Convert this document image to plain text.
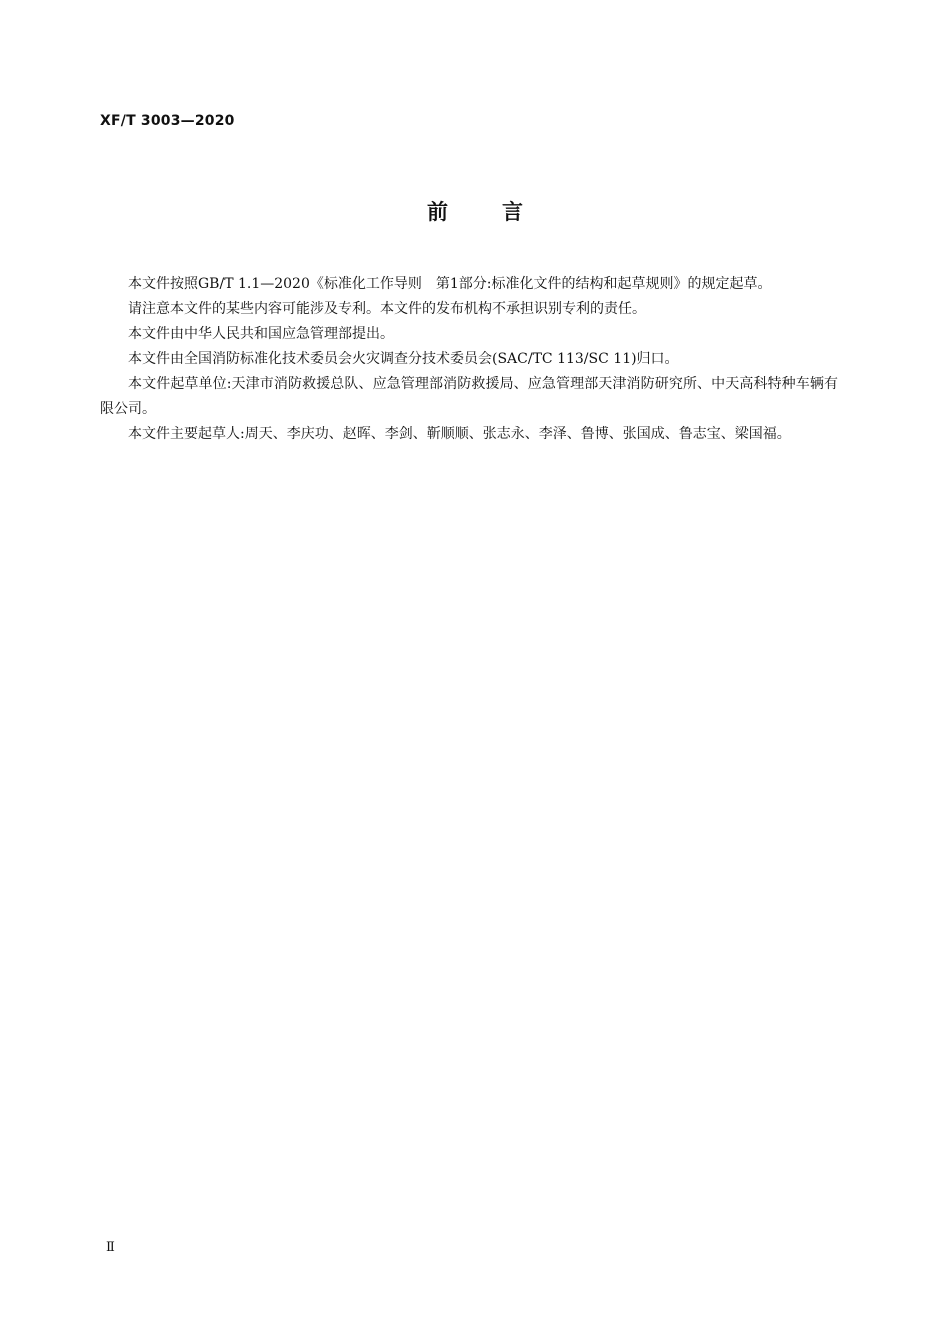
XF/T 3003—2020
前言

本文件按照GB/T 1.1—2020《标准化工作导则　第1部分:标准化文件的结构和起草规则》的规定起草。

请注意本文件的某些内容可能涉及专利。本文件的发布机构不承担识别专利的责任。

本文件由中华人民共和国应急管理部提出。

本文件由全国消防标准化技术委员会火灾调查分技术委员会(SAC/TC 113/SC 11)归口。

本文件起草单位:天津市消防救援总队、应急管理部消防救援局、应急管理部天津消防研究所、中天高科特种车辆有限公司。

本文件主要起草人:周天、李庆功、赵晖、李剑、靳顺顺、张志永、李泽、鲁博、张国成、鲁志宝、梁国福。

Ⅱ
